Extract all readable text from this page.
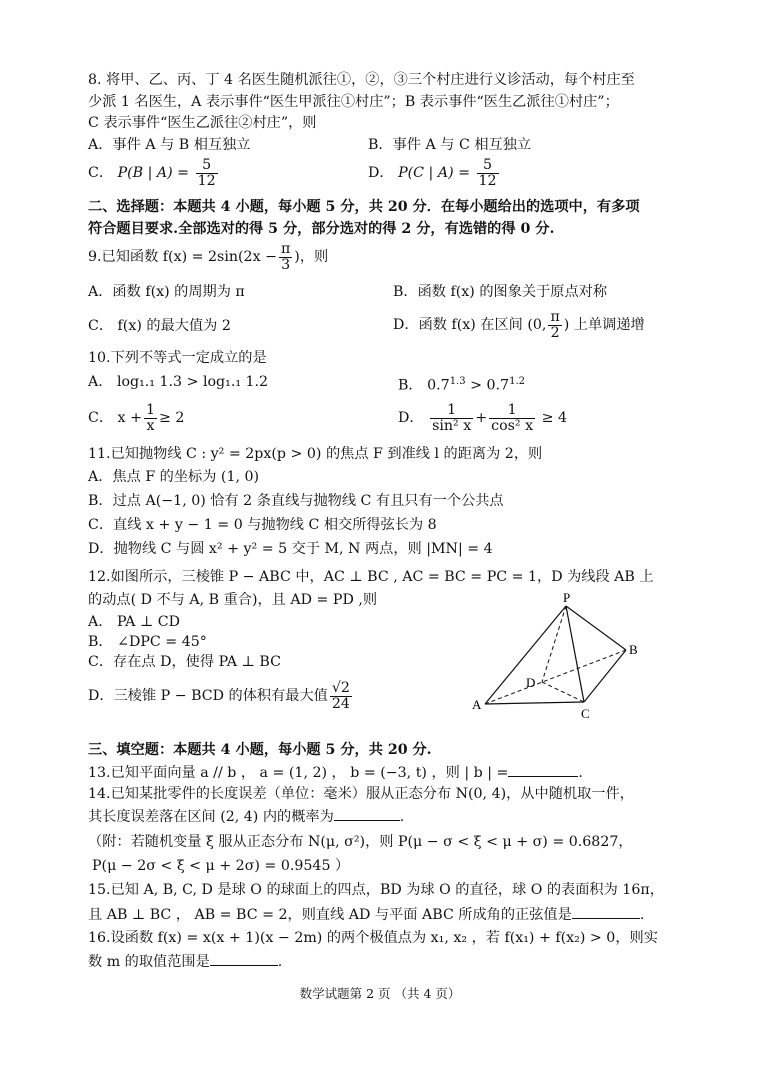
8. 将甲、乙、丙、丁 4 名医生随机派往①，②，③三个村庄进行义诊活动，每个村庄至
少派 1 名医生，A 表示事件“医生甲派往①村庄”；B 表示事件“医生乙派往①村庄”；
C 表示事件“医生乙派往②村庄”，则
A．事件 A 与 B 相互独立	B．事件 A 与 C 相互独立
C． P(B | $A) = \frac{5}{12}$	D． P(C | $A) = \frac{5}{12}$
二、选择题：本题共 4 小题，每小题 5 分，共 20 分．在每小题给出的选项中，有多项
符合题目要求.全部选对的得 5 分，部分选对的得 2 分，有选错的得 0 分.
9.已知函数 $f(x) = 2\sin(2x - \frac{\pi}{3}$ )，则
A．函数 f(x) 的周期为 π	B．函数 f(x) 的图象关于原点对称
C． f(x) 的最大值为 2	D．函数 f(x) 在区间 (0, $\frac{\pi}{2}$ ) 上单调递增
10.下列不等式一定成立的是
A． log₁.₁ 1.3 > log₁.₁ 1.2	B． $0.7^{1.3} > 0.7^{1.2}$
C． $x + \frac{1}{x} \ge 2$	D． $\frac{1}{\text{sin² x}} + \frac{1}{\text{cos² x}} \ge 4$
11.已知抛物线 C : y² = 2px(p > 0) 的焦点 F 到准线 l 的距离为 2，则
A．焦点 F 的坐标为 (1, 0)
B．过点 A(−1, 0) 恰有 2 条直线与抛物线 C 有且只有一个公共点
C．直线 x + y − 1 = 0 与抛物线 C 相交所得弦长为 8
D．抛物线 C 与圆 x² + y² = 5 交于 M, N 两点，则 |MN| = 4
12.如图所示，三棱锥 P − ABC 中，AC ⊥ BC , AC = BC = PC = 1，D 为线段 AB 上
的动点( D 不与 A, B 重合)，且 AD = PD ,则
A． PA ⊥ CD
B． ∠DPC = 45°
C．存在点 D，使得 PA ⊥ BC
D．三棱锥 P − BCD 的体积有最大值 $\frac{√2}{24}$
P
A
B
C
D
三、填空题：本题共 4 小题，每小题 5 分，共 20 分.
13.已知平面向量 a // b ， a = (1, 2) ， b = (−3, t) ，则 | b | =	.
14.已知某批零件的长度误差（单位：毫米）服从正态分布 N(0, 4)，从中随机取一件，
其长度误差落在区间 (2, 4) 内的概率为	.
（附：若随机变量 ξ 服从正态分布 N(μ, σ²)，则 P(μ − σ < ξ < μ + σ) = 0.6827，
P(μ − 2σ < ξ < μ + 2σ) = 0.9545 ）
15.已知 A, B, C, D 是球 O 的球面上的四点，BD 为球 O 的直径，球 O 的表面积为 16π，
且 AB ⊥ BC ， AB = BC = 2，则直线 AD 与平面 ABC 所成角的正弦值是	.
16.设函数 f(x) = x(x + 1)(x − 2m) 的两个极值点为 x₁, x₂ ，若 f(x₁) + f(x₂) > 0，则实
数 m 的取值范围是	.
数学试题第 2 页 （共 4 页）
